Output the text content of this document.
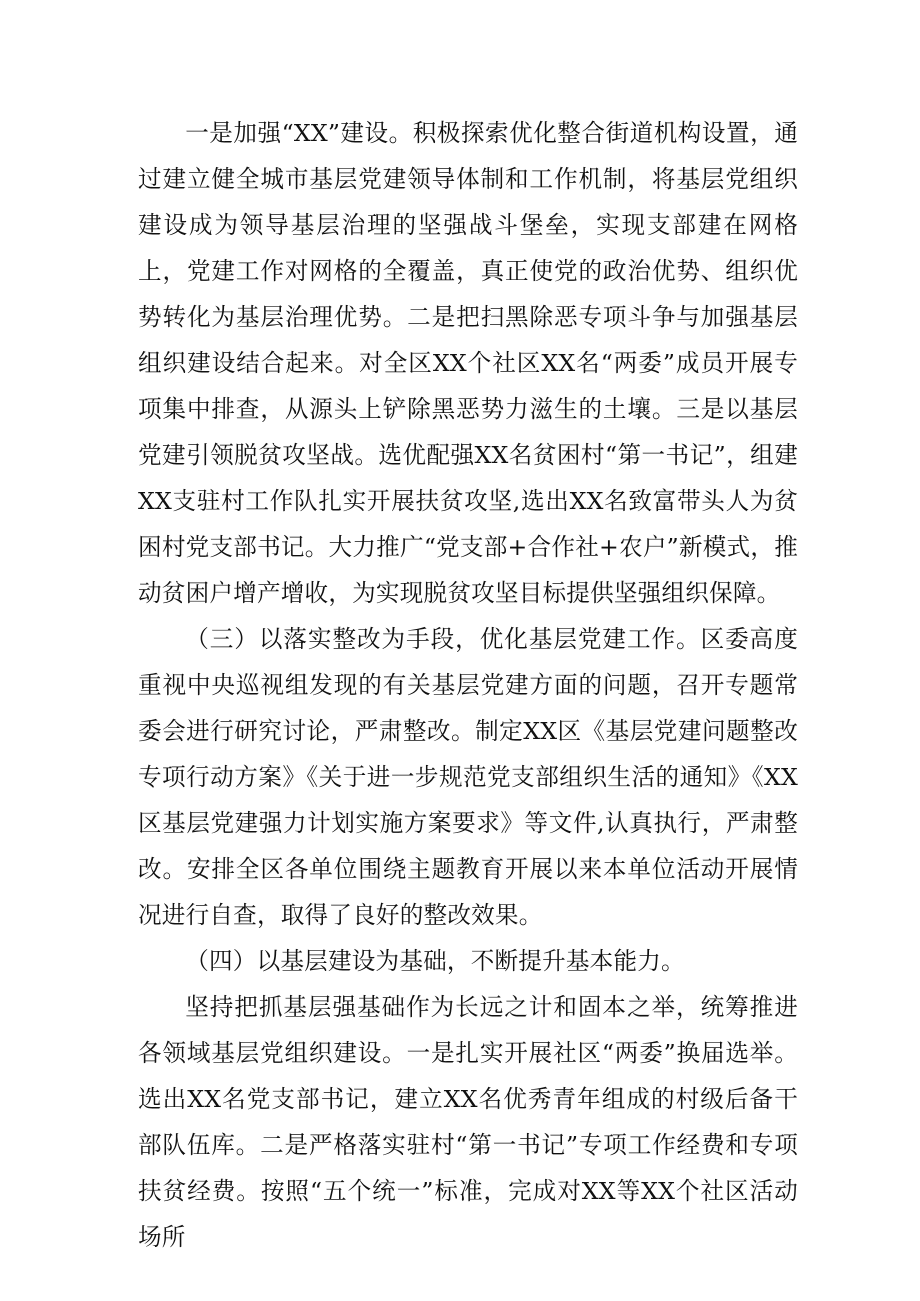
一是加强“XX”建设。积极探索优化整合街道机构设置，通过建立健全城市基层党建领导体制和工作机制，将基层党组织建设成为领导基层治理的坚强战斗堡垒，实现支部建在网格上，党建工作对网格的全覆盖，真正使党的政治优势、组织优势转化为基层治理优势。二是把扫黑除恶专项斗争与加强基层组织建设结合起来。对全区XX个社区XX名“两委”成员开展专项集中排查，从源头上铲除黑恶势力滋生的土壤。三是以基层党建引领脱贫攻坚战。选优配强XX名贫困村“第一书记”，组建XX支驻村工作队扎实开展扶贫攻坚,选出XX名致富带头人为贫困村党支部书记。大力推广“党支部+合作社+农户”新模式，推动贫困户增产增收，为实现脱贫攻坚目标提供坚强组织保障。

（三）以落实整改为手段，优化基层党建工作。区委高度重视中央巡视组发现的有关基层党建方面的问题，召开专题常委会进行研究讨论，严肃整改。制定XX区《基层党建问题整改专项行动方案》《关于进一步规范党支部组织生活的通知》《XX区基层党建强力计划实施方案要求》等文件,认真执行，严肃整改。安排全区各单位围绕主题教育开展以来本单位活动开展情况进行自查，取得了良好的整改效果。

（四）以基层建设为基础，不断提升基本能力。

坚持把抓基层强基础作为长远之计和固本之举，统筹推进各领域基层党组织建设。一是扎实开展社区“两委”换届选举。选出XX名党支部书记，建立XX名优秀青年组成的村级后备干部队伍库。二是严格落实驻村“第一书记”专项工作经费和专项扶贫经费。按照“五个统一”标准，完成对XX等XX个社区活动场所
